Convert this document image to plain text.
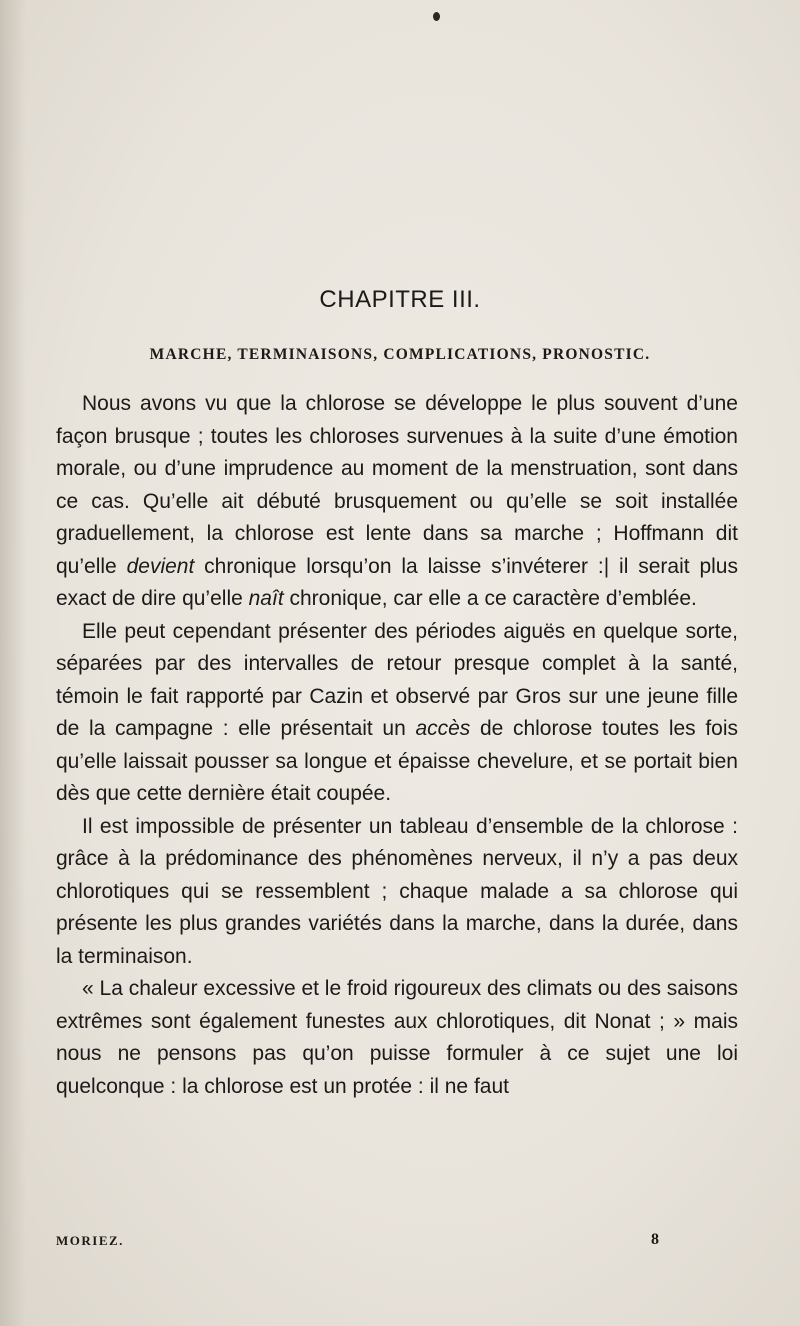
CHAPITRE III.
MARCHE, TERMINAISONS, COMPLICATIONS, PRONOSTIC.

Nous avons vu que la chlorose se développe le plus souvent d’une façon brusque ; toutes les chloroses survenues à la suite d’une émotion morale, ou d’une imprudence au moment de la menstruation, sont dans ce cas. Qu’elle ait débuté brusquement ou qu’elle se soit installée graduellement, la chlorose est lente dans sa marche ; Hoffmann dit qu’elle devient chronique lorsqu’on la laisse s’invéterer :| il serait plus exact de dire qu’elle naît chronique, car elle a ce caractère d’emblée.

Elle peut cependant présenter des périodes aiguës en quelque sorte, séparées par des intervalles de retour presque complet à la santé, témoin le fait rapporté par Cazin et observé par Gros sur une jeune fille de la campagne : elle présentait un accès de chlorose toutes les fois qu’elle laissait pousser sa longue et épaisse chevelure, et se portait bien dès que cette dernière était coupée.

Il est impossible de présenter un tableau d’ensemble de la chlorose : grâce à la prédominance des phénomènes nerveux, il n’y a pas deux chlorotiques qui se ressemblent ; chaque malade a sa chlorose qui présente les plus grandes variétés dans la marche, dans la durée, dans la terminaison.

« La chaleur excessive et le froid rigoureux des climats ou des saisons extrêmes sont également funestes aux chlorotiques, dit Nonat ; » mais nous ne pensons pas qu’on puisse formuler à ce sujet une loi quelconque : la chlorose est un protée : il ne faut

MORIEZ.	8
